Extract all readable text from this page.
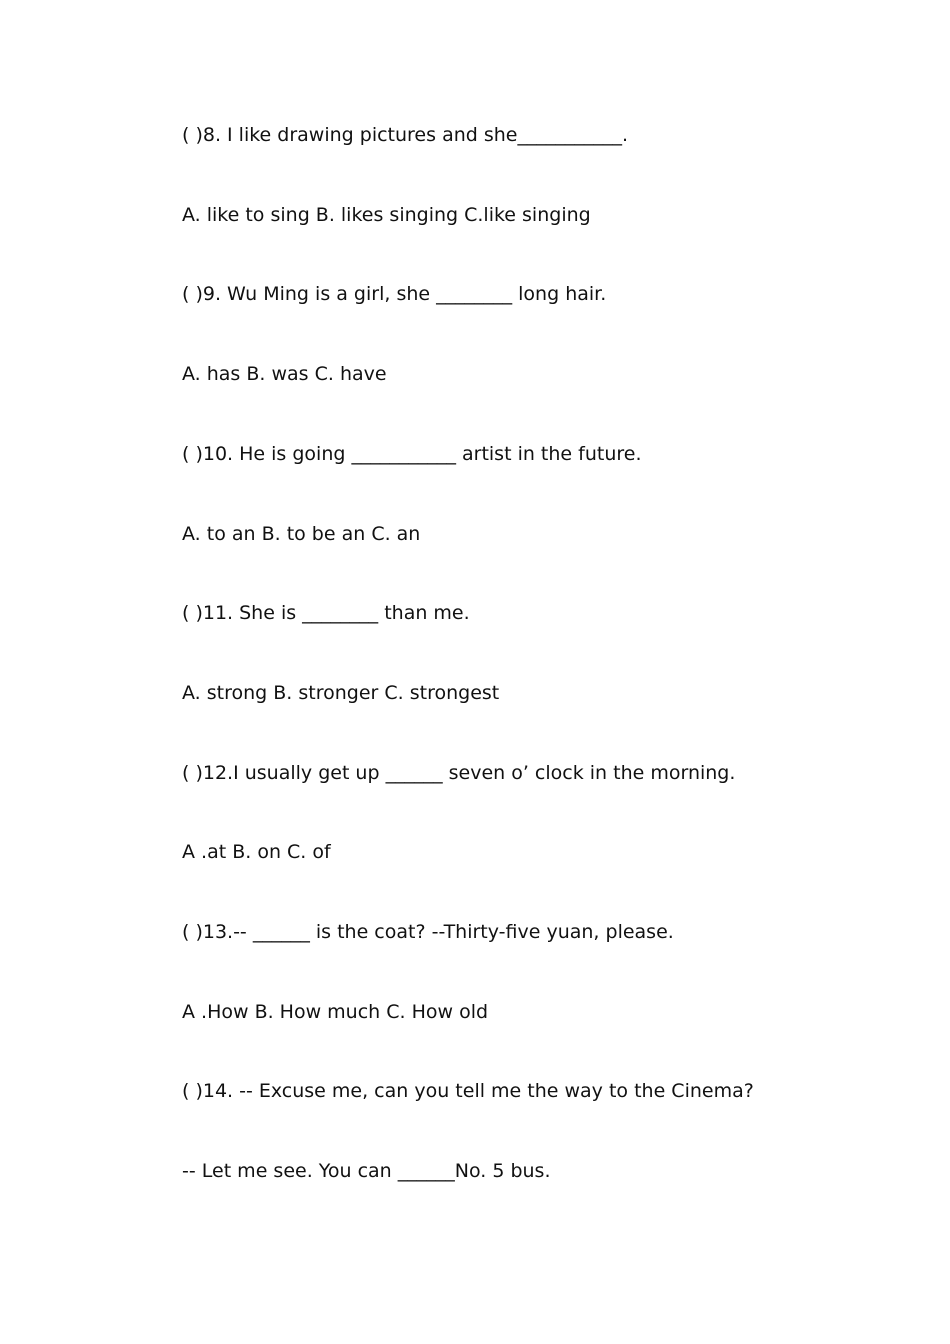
( )8. I like drawing pictures and she___________.
A. like to sing B. likes singing C.like singing
( )9. Wu Ming is a girl, she ________ long hair.
A. has B. was C. have
( )10. He is going ___________ artist in the future.
A. to an B. to be an C. an
( )11. She is ________ than me.
A. strong B. stronger C. strongest
( )12.I usually get up ______ seven o’ clock in the morning.
A .at B. on C. of
( )13.-- ______ is the coat? --Thirty-five yuan, please.
A .How B. How much C. How old
( )14. -- Excuse me, can you tell me the way to the Cinema?
-- Let me see. You can ______No. 5 bus.
